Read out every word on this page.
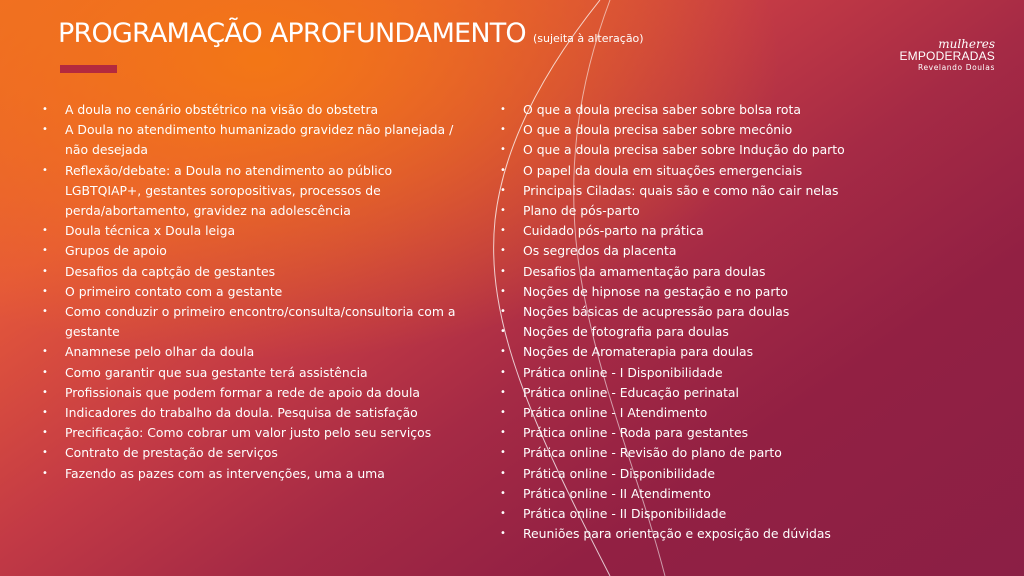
PROGRAMAÇÃO APROFUNDAMENTO (sujeita à alteração)	mulheres
EMPODERADAS
Revelando Doulas
• A doula no cenário obstétrico na visão do obstetra
• A Doula no atendimento humanizado gravidez não planejada / não desejada
• Reflexão/debate: a Doula no atendimento ao público LGBTQIAP+, gestantes soropositivas, processos de perda/abortamento, gravidez na adolescência
• Doula técnica x Doula leiga
• Grupos de apoio
• Desafios da captção de gestantes
• O primeiro contato com a gestante
• Como conduzir o primeiro encontro/consulta/consultoria com a gestante
• Anamnese pelo olhar da doula
• Como garantir que sua gestante terá assistência
• Profissionais que podem formar a rede de apoio da doula
• Indicadores do trabalho da doula. Pesquisa de satisfação
• Precificação: Como cobrar um valor justo pelo seu serviços
• Contrato de prestação de serviços
• Fazendo as pazes com as intervenções, uma a uma
• O que a doula precisa saber sobre bolsa rota
• O que a doula precisa saber sobre mecônio
• O que a doula precisa saber sobre Indução do parto
• O papel da doula em situações emergenciais
• Principais Ciladas: quais são e como não cair nelas
• Plano de pós-parto
• Cuidado pós-parto na prática
• Os segredos da placenta
• Desafios da amamentação para doulas
• Noções de hipnose na gestação e no parto
• Noções básicas de acupressão para doulas
• Noções de fotografia para doulas
• Noções de Aromaterapia para doulas
• Prática online - I Disponibilidade
• Prática online - Educação perinatal
• Prática online - I Atendimento
• Prática online - Roda para gestantes
• Prática online - Revisão do plano de parto
• Prática online - Disponibilidade
• Prática online - II Atendimento
• Prática online - II Disponibilidade
• Reuniões para orientação e exposição de dúvidas
